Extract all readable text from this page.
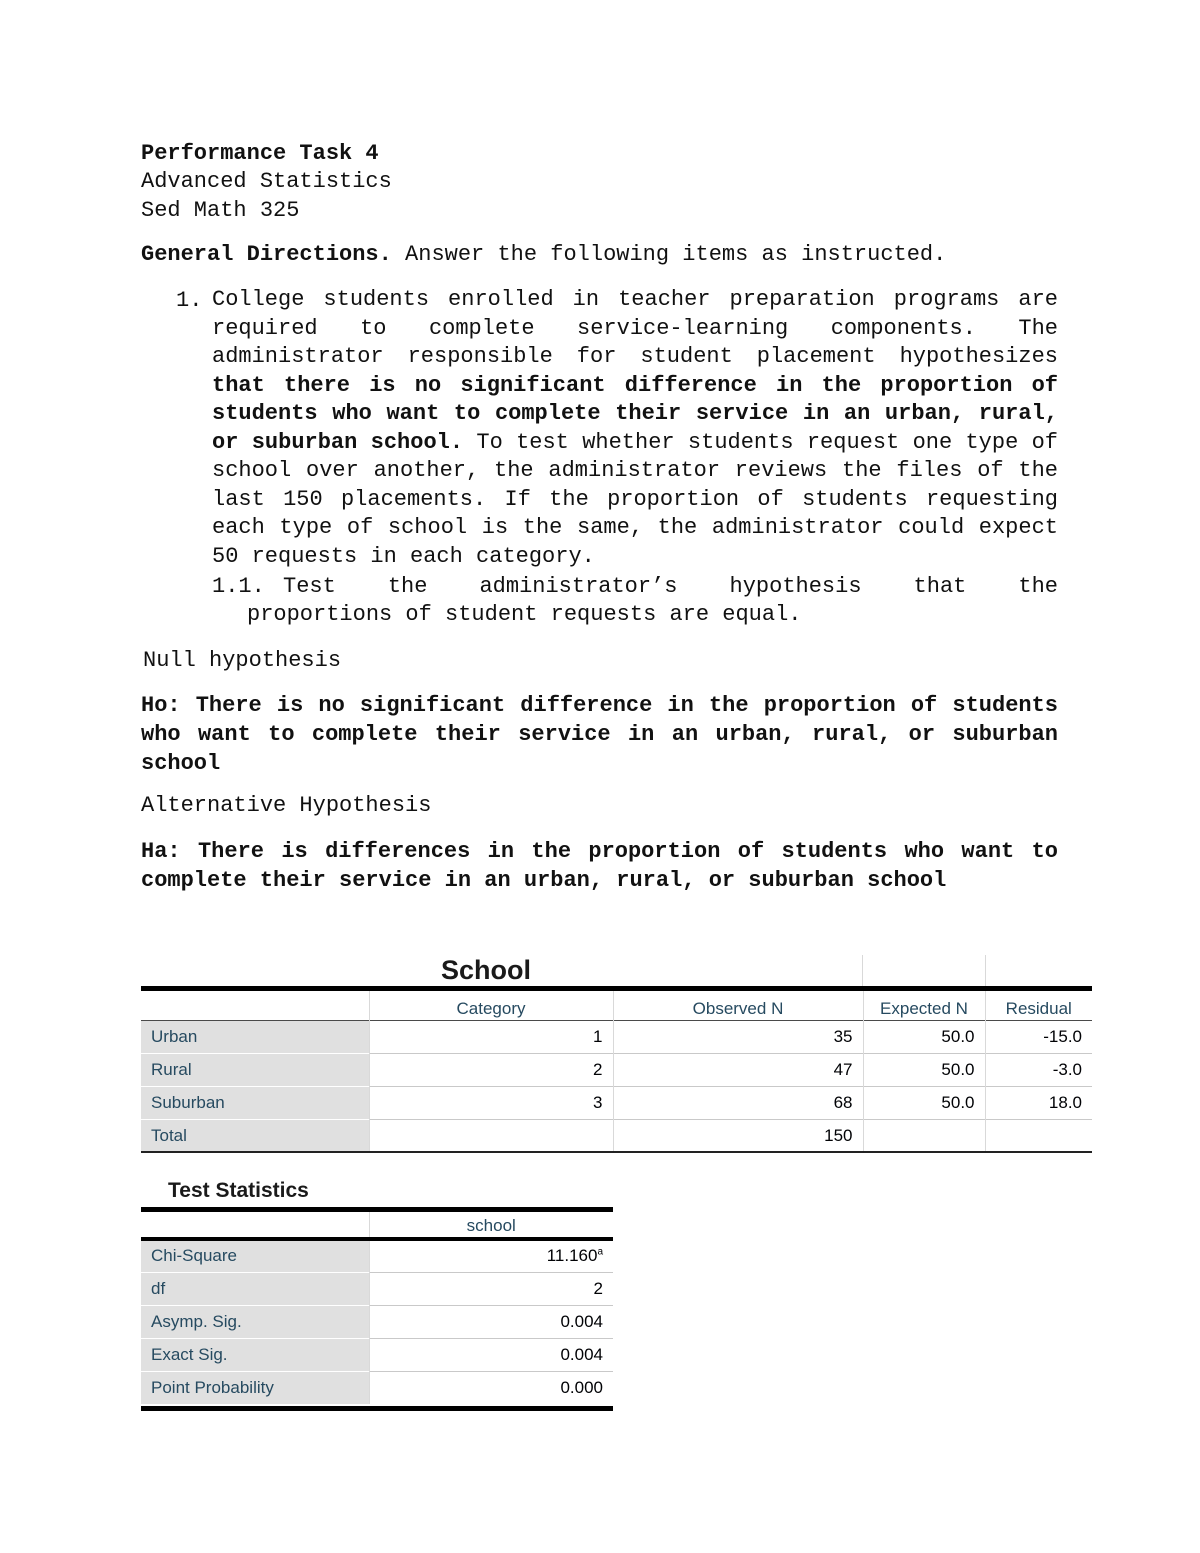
Performance Task 4
Advanced Statistics
Sed Math 325
General Directions. Answer the following items as instructed.
1. College students enrolled in teacher preparation programs are required to complete service-learning components. The administrator responsible for student placement hypothesizes that there is no significant difference in the proportion of students who want to complete their service in an urban, rural, or suburban school. To test whether students request one type of school over another, the administrator reviews the files of the last 150 placements. If the proportion of students requesting each type of school is the same, the administrator could expect 50 requests in each category.
1.1. Test the administrator’s hypothesis that the
proportions of student requests are equal.
Null hypothesis
Ho: There is no significant difference in the proportion of students who want to complete their service in an urban, rural, or suburban school
Alternative Hypothesis
Ha: There is differences in the proportion of students who want to complete their service in an urban, rural, or suburban school
School
	Category	Observed N	Expected N	Residual
Urban	1	35	50.0	-15.0
Rural	2	47	50.0	-3.0
Suburban	3	68	50.0	18.0
Total		150		
Test Statistics
	school
Chi-Square	11.160$^a$
df	2
Asymp. Sig.	0.004
Exact Sig.	0.004
Point Probability	0.000
